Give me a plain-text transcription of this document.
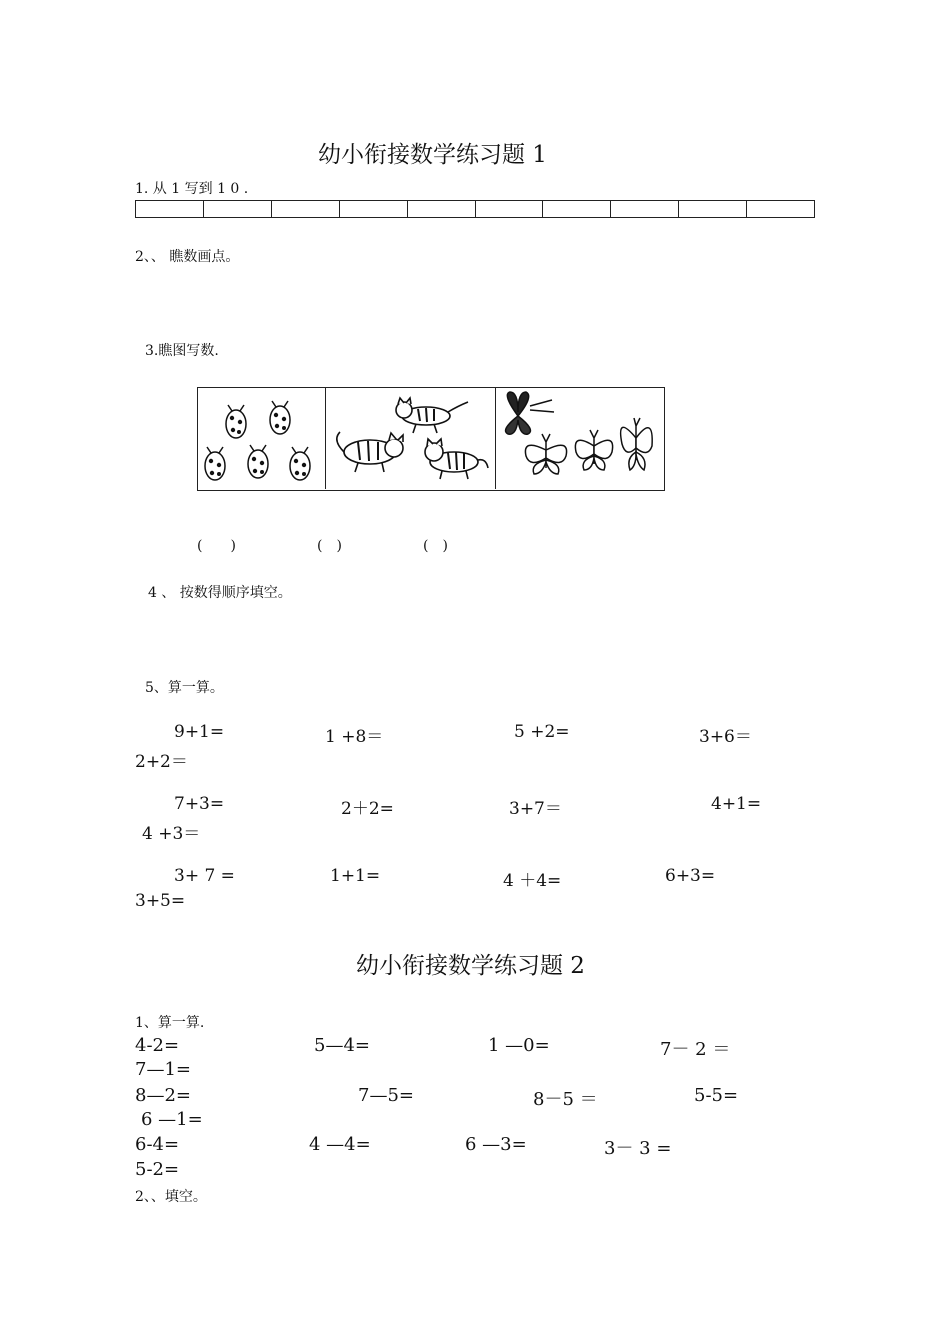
幼小衔接数学练习题 1
1. 从 1 写到 1 0 .
2、、 瞧数画点。
3.瞧图写数.
(　　)	(　)	(　)
4 、 按数得顺序填空。
5、算一算。
9+1=	1 +8＝	5 +2=	3+6＝
2+2＝
7+3=	2＋2=	3+7＝	4+1=
4 +3＝
3+ 7 =	1+1=	4 ＋4=	6+3=
3+5=
幼小衔接数学练习题 2
1、算一算.
4-2=	5—4=	1 —0=	7－ 2 ＝
7—1=
8—2=	7—5=	8－5 ＝	5-5=
6 —1=
6-4=	4 —4=	6 —3=	3－ 3 =
5-2=
2、、填空。
